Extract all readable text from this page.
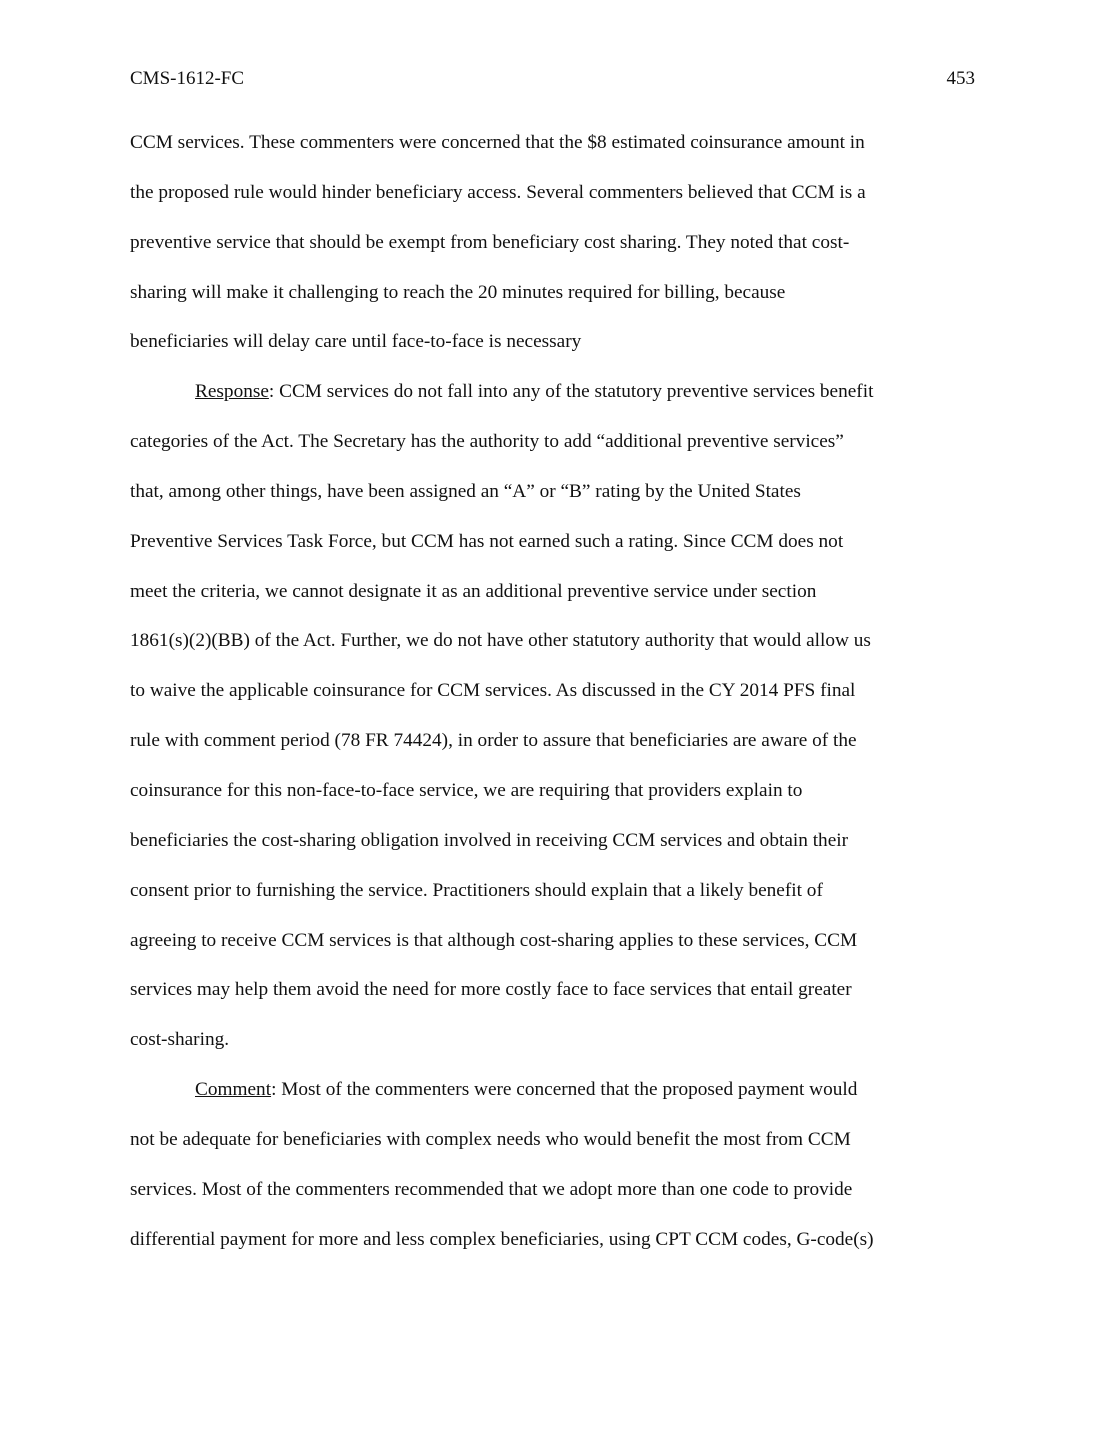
CMS-1612-FC	453
CCM services. These commenters were concerned that the $8 estimated coinsurance amount in
the proposed rule would hinder beneficiary access. Several commenters believed that CCM is a
preventive service that should be exempt from beneficiary cost sharing. They noted that cost-
sharing will make it challenging to reach the 20 minutes required for billing, because
beneficiaries will delay care until face-to-face is necessary
Response: CCM services do not fall into any of the statutory preventive services benefit
categories of the Act. The Secretary has the authority to add “additional preventive services”
that, among other things, have been assigned an “A” or “B” rating by the United States
Preventive Services Task Force, but CCM has not earned such a rating. Since CCM does not
meet the criteria, we cannot designate it as an additional preventive service under section
1861(s)(2)(BB) of the Act. Further, we do not have other statutory authority that would allow us
to waive the applicable coinsurance for CCM services. As discussed in the CY 2014 PFS final
rule with comment period (78 FR 74424), in order to assure that beneficiaries are aware of the
coinsurance for this non-face-to-face service, we are requiring that providers explain to
beneficiaries the cost-sharing obligation involved in receiving CCM services and obtain their
consent prior to furnishing the service. Practitioners should explain that a likely benefit of
agreeing to receive CCM services is that although cost-sharing applies to these services, CCM
services may help them avoid the need for more costly face to face services that entail greater
cost-sharing.
Comment: Most of the commenters were concerned that the proposed payment would
not be adequate for beneficiaries with complex needs who would benefit the most from CCM
services. Most of the commenters recommended that we adopt more than one code to provide
differential payment for more and less complex beneficiaries, using CPT CCM codes, G-code(s)
